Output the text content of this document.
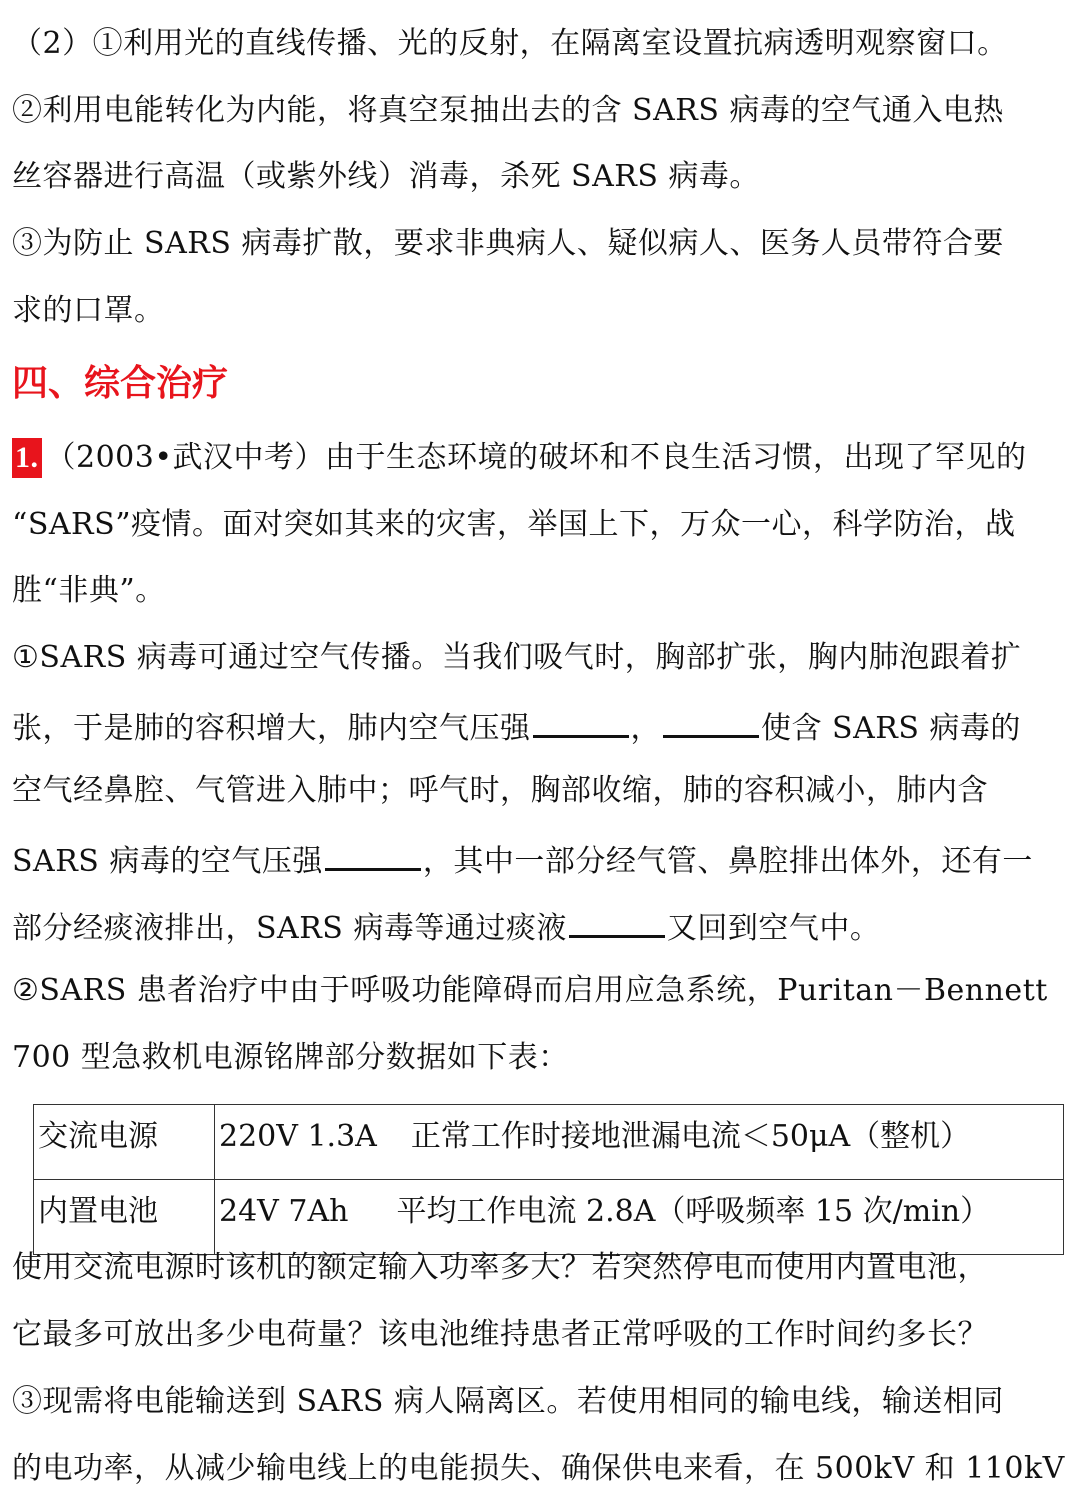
（2）①利用光的直线传播、光的反射，在隔离室设置抗病透明观察窗口。
②利用电能转化为内能，将真空泵抽出去的含 SARS 病毒的空气通入电热
丝容器进行高温（或紫外线）消毒，杀死 SARS 病毒。
③为防止 SARS 病毒扩散，要求非典病人、疑似病人、医务人员带符合要
求的口罩。
四、综合治疗
1. （2003•武汉中考）由于生态环境的破坏和不良生活习惯，出现了罕见的
“SARS”疫情。面对突如其来的灾害，举国上下，万众一心，科学防治，战
胜“非典”。
①SARS 病毒可通过空气传播。当我们吸气时，胸部扩张，胸内肺泡跟着扩
张，于是肺的容积增大，肺内空气压强	，	使含 SARS 病毒的
空气经鼻腔、气管进入肺中；呼气时，胸部收缩，肺的容积减小，肺内含
SARS 病毒的空气压强	，其中一部分经气管、鼻腔排出体外，还有一
部分经痰液排出，SARS 病毒等通过痰液	又回到空气中。
②SARS 患者治疗中由于呼吸功能障碍而启用应急系统，Puritan－Bennett
700 型急救机电源铭牌部分数据如下表：
交流电源	220V 1.3A 正常工作时接地泄漏电流＜50μA（整机）
内置电池	24V 7Ah 平均工作电流 2.8A（呼吸频率 15 次/min）
使用交流电源时该机的额定输入功率多大？若突然停电而使用内置电池，
它最多可放出多少电荷量？该电池维持患者正常呼吸的工作时间约多长？
③现需将电能输送到 SARS 病人隔离区。若使用相同的输电线，输送相同
的电功率，从减少输电线上的电能损失、确保供电来看，在 500kV 和 110kV
